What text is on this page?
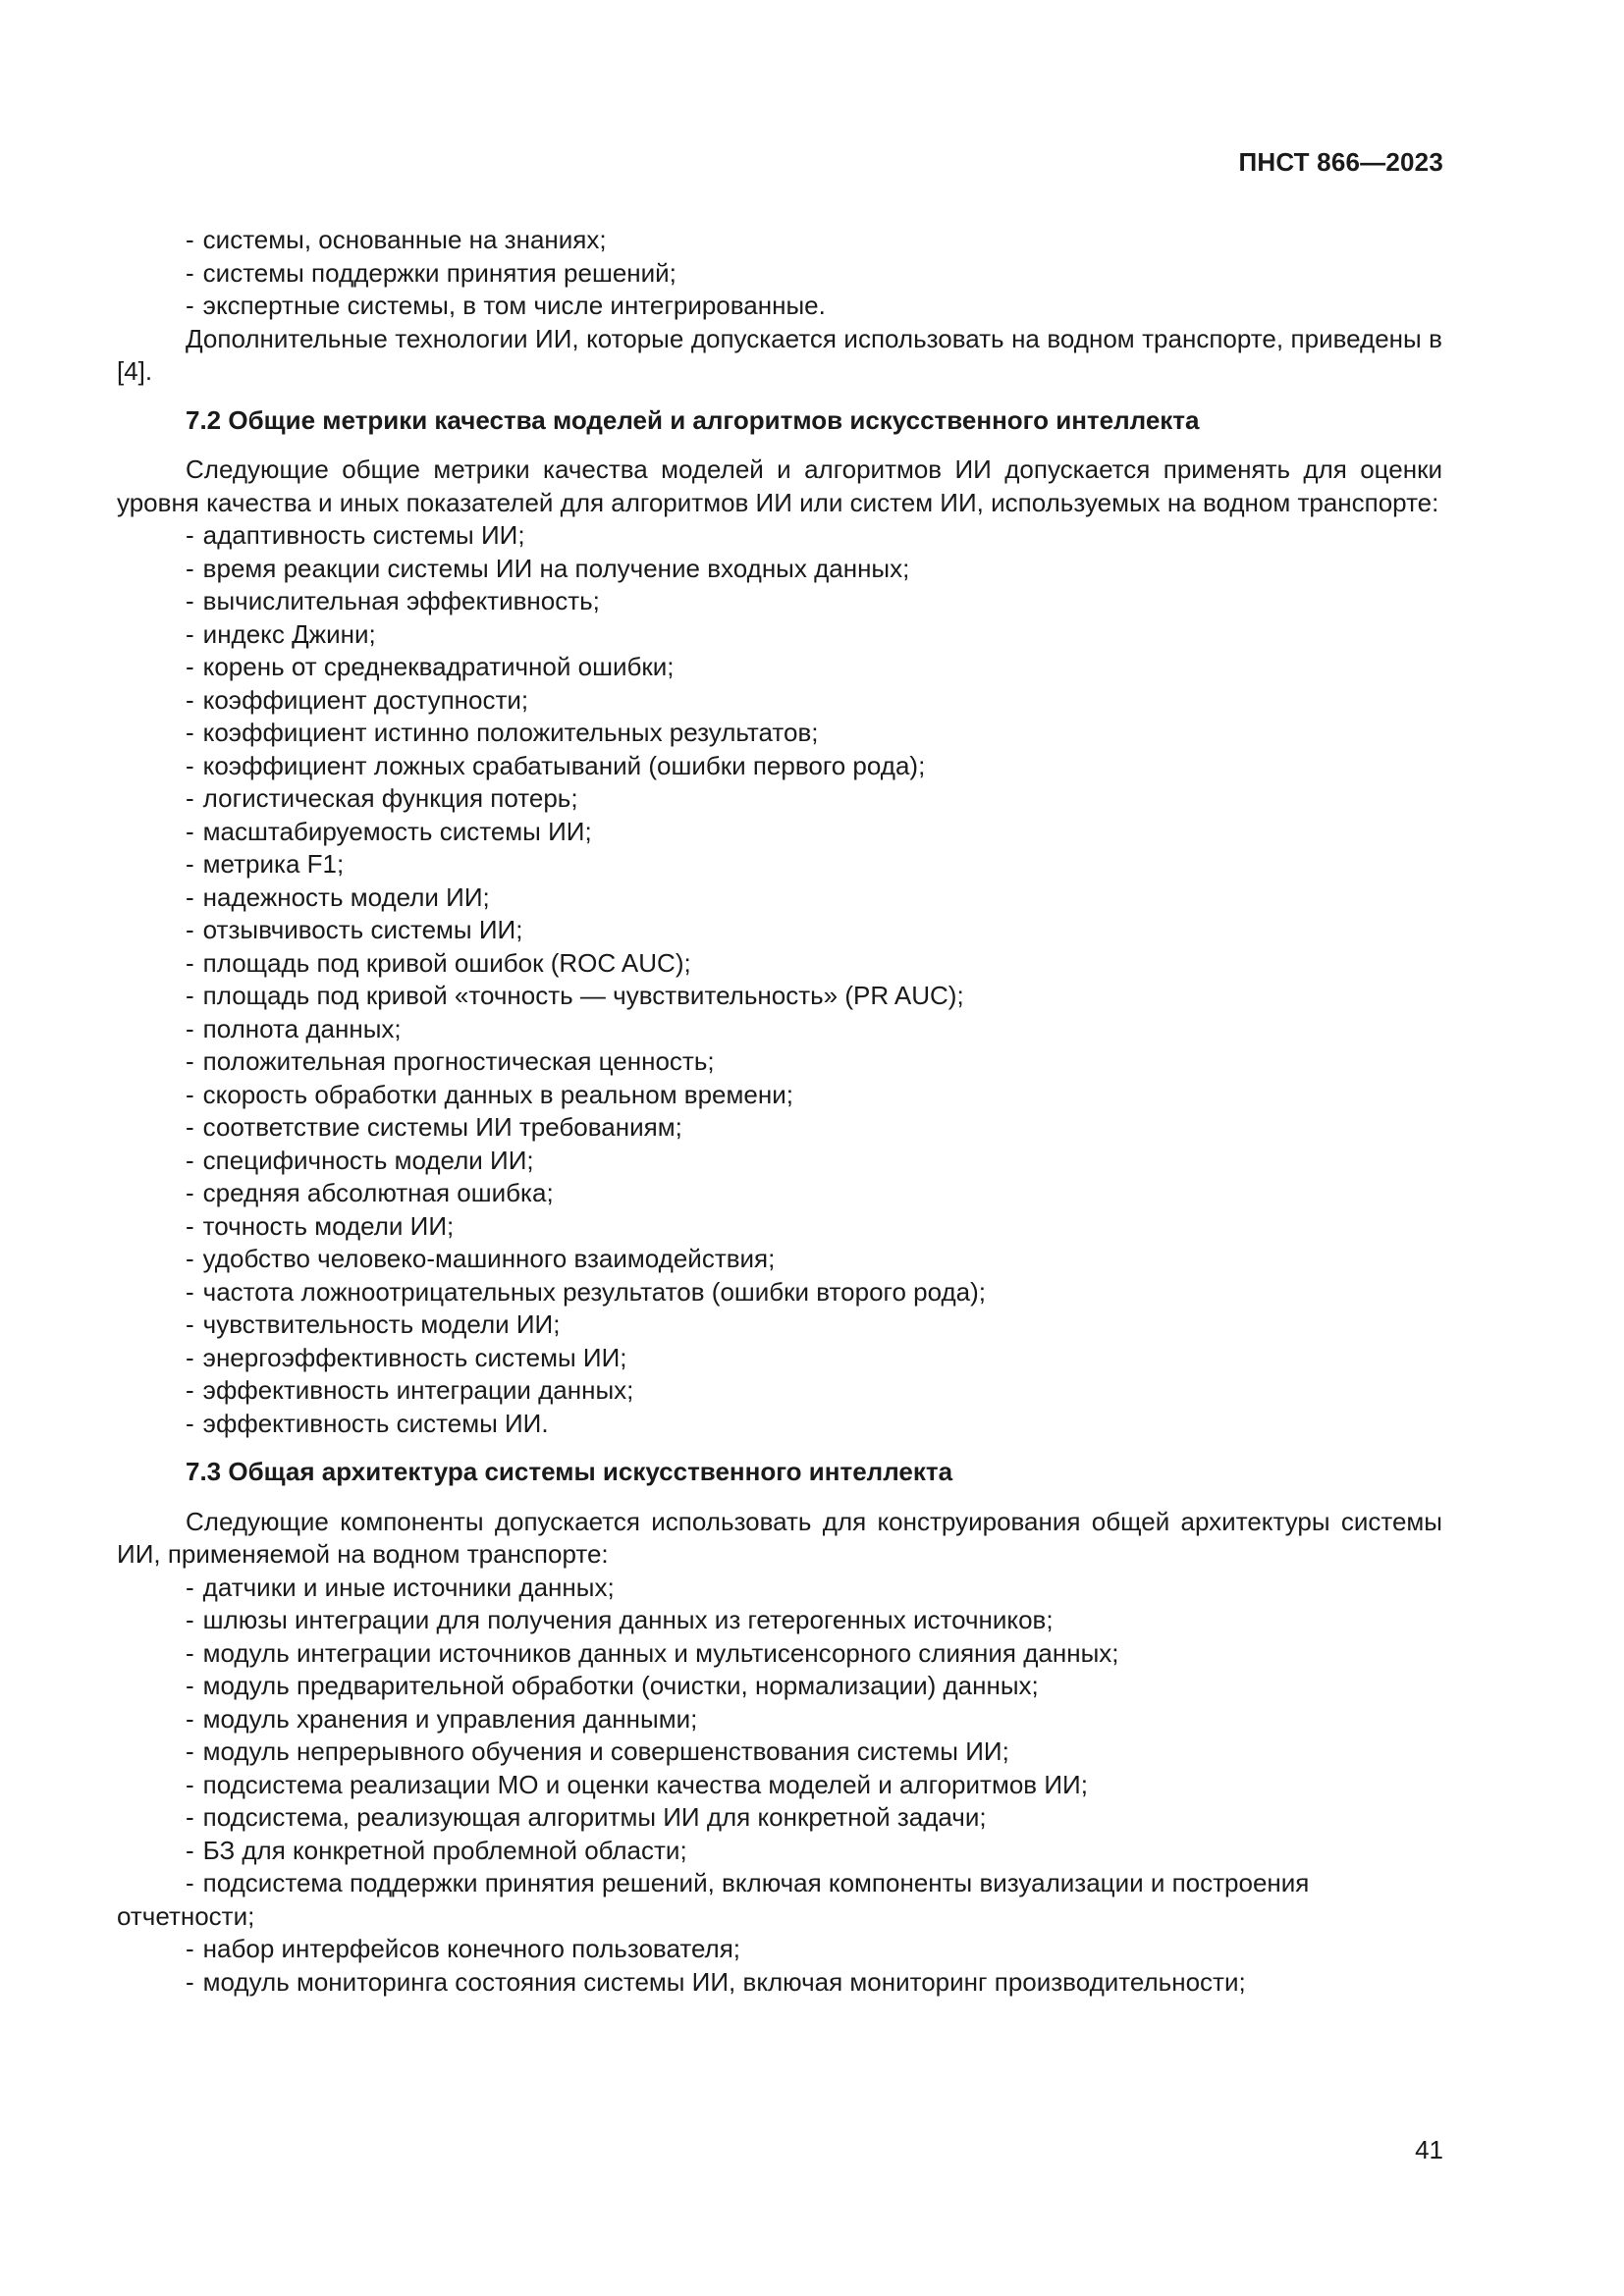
ПНСТ 866—2023
- системы, основанные на знаниях;
- системы поддержки принятия решений;
- экспертные системы, в том числе интегрированные.
Дополнительные технологии ИИ, которые допускается использовать на водном транспорте, приведены в [4].
7.2 Общие метрики качества моделей и алгоритмов искусственного интеллекта
Следующие общие метрики качества моделей и алгоритмов ИИ допускается применять для оценки уровня качества и иных показателей для алгоритмов ИИ или систем ИИ, используемых на водном транспорте:
- адаптивность системы ИИ;
- время реакции системы ИИ на получение входных данных;
- вычислительная эффективность;
- индекс Джини;
- корень от среднеквадратичной ошибки;
- коэффициент доступности;
- коэффициент истинно положительных результатов;
- коэффициент ложных срабатываний (ошибки первого рода);
- логистическая функция потерь;
- масштабируемость системы ИИ;
- метрика F1;
- надежность модели ИИ;
- отзывчивость системы ИИ;
- площадь под кривой ошибок (ROC AUC);
- площадь под кривой «точность — чувствительность» (PR AUC);
- полнота данных;
- положительная прогностическая ценность;
- скорость обработки данных в реальном времени;
- соответствие системы ИИ требованиям;
- специфичность модели ИИ;
- средняя абсолютная ошибка;
- точность модели ИИ;
- удобство человеко-машинного взаимодействия;
- частота ложноотрицательных результатов (ошибки второго рода);
- чувствительность модели ИИ;
- энергоэффективность системы ИИ;
- эффективность интеграции данных;
- эффективность системы ИИ.
7.3 Общая архитектура системы искусственного интеллекта
Следующие компоненты допускается использовать для конструирования общей архитектуры системы ИИ, применяемой на водном транспорте:
- датчики и иные источники данных;
- шлюзы интеграции для получения данных из гетерогенных источников;
- модуль интеграции источников данных и мультисенсорного слияния данных;
- модуль предварительной обработки (очистки, нормализации) данных;
- модуль хранения и управления данными;
- модуль непрерывного обучения и совершенствования системы ИИ;
- подсистема реализации МО и оценки качества моделей и алгоритмов ИИ;
- подсистема, реализующая алгоритмы ИИ для конкретной задачи;
- БЗ для конкретной проблемной области;
- подсистема поддержки принятия решений, включая компоненты визуализации и построения отчетности;
- набор интерфейсов конечного пользователя;
- модуль мониторинга состояния системы ИИ, включая мониторинг производительности;
41
